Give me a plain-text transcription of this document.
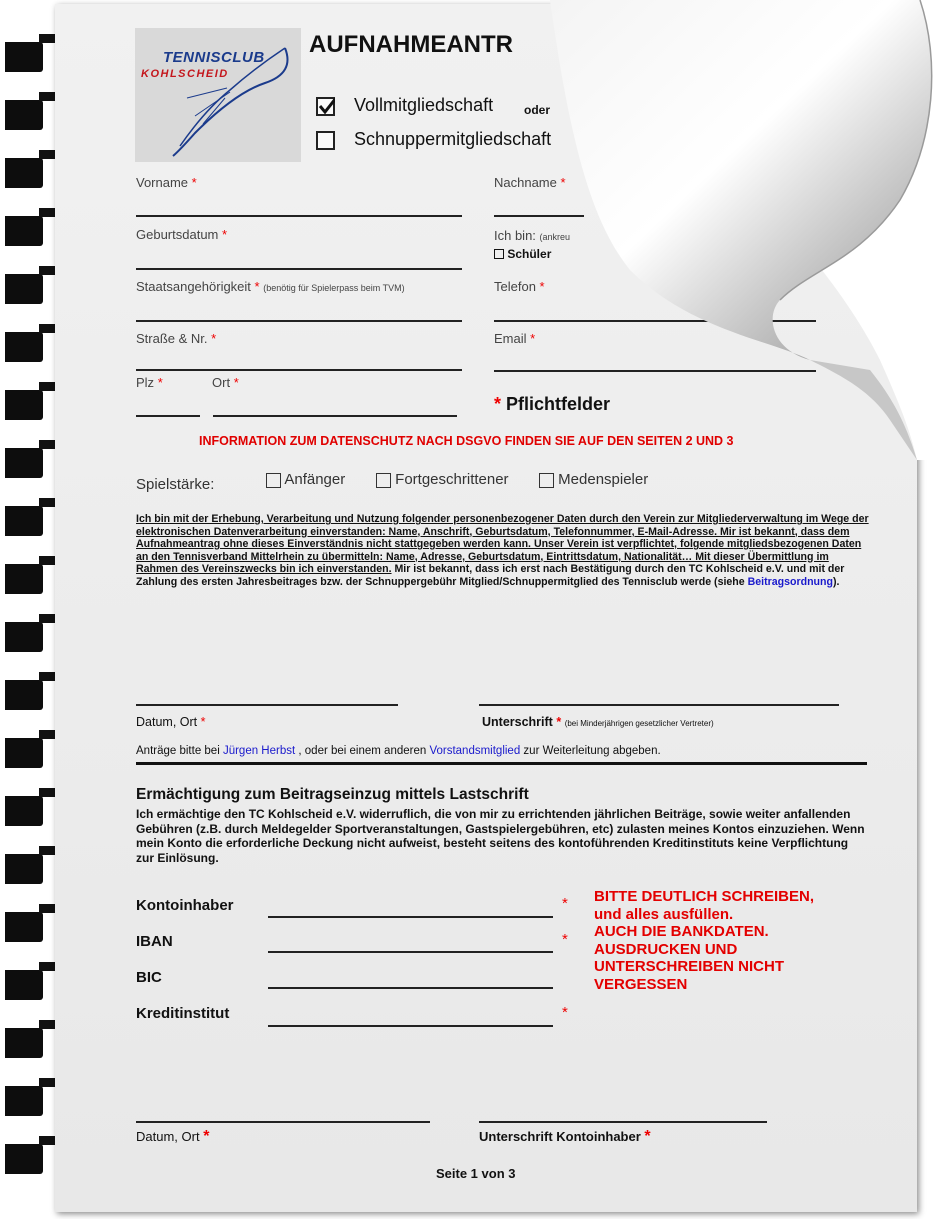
TENNISCLUB
KOHLSCHEID
AUFNAHMEANTR
Vollmitgliedschaft	oder
Schnuppermitgliedschaft
Vorname *	Nachname *
Geburtsdatum *	Ich bin: (ankreu
Schüler
Staatsangehörigkeit * (benötig für Spielerpass beim TVM)	Telefon *
Straße & Nr. *	Email *
Plz *	Ort *
* Pflichtfelder
INFORMATION ZUM DATENSCHUTZ NACH DSGVO FINDEN SIE AUF DEN SEITEN 2 UND 3
Spielstärke:	Anfänger	Fortgeschrittener	Medenspieler
Ich bin mit der Erhebung, Verarbeitung und Nutzung folgender personenbezogener Daten durch den Verein zur Mitgliederverwaltung im Wege der elektronischen Datenverarbeitung einverstanden: Name, Anschrift, Geburtsdatum, Telefonnummer, E-Mail-Adresse. Mir ist bekannt, dass dem Aufnahmeantrag ohne dieses Einverständnis nicht stattgegeben werden kann. Unser Verein ist verpflichtet, folgende mitgliedsbezogenen Daten an den Tennisverband Mittelrhein zu übermitteln: Name, Adresse, Geburtsdatum, Eintrittsdatum, Nationalität… Mit dieser Übermittlung im Rahmen des Vereinszwecks bin ich einverstanden. Mir ist bekannt, dass ich erst nach Bestätigung durch den TC Kohlscheid e.V. und mit der Zahlung des ersten Jahresbeitrages bzw. der Schnuppergebühr Mitglied/Schnuppermitglied des Tennisclub werde (siehe Beitragsordnung).
Datum, Ort *	Unterschrift * (bei Minderjährigen gesetzlicher Vertreter)
Anträge bitte bei Jürgen Herbst , oder bei einem anderen Vorstandsmitglied zur Weiterleitung abgeben.
Ermächtigung zum Beitragseinzug mittels Lastschrift
Ich ermächtige den TC Kohlscheid e.V. widerruflich, die von mir zu errichtenden jährlichen Beiträge, sowie weiter anfallenden Gebühren (z.B. durch Meldegelder Sportveranstaltungen, Gastspielergebühren, etc) zulasten meines Kontos einzuziehen. Wenn mein Konto die erforderliche Deckung nicht aufweist, besteht seitens des kontoführenden Kreditinstituts keine Verpflichtung zur Einlösung.
Kontoinhaber	*
IBAN	*
BIC
Kreditinstitut	*
BITTE DEUTLICH SCHREIBEN,
und alles ausfüllen.
AUCH DIE BANKDATEN.
AUSDRUCKEN UND
UNTERSCHREIBEN NICHT
VERGESSEN
Datum, Ort *	Unterschrift Kontoinhaber *
Seite 1 von 3
